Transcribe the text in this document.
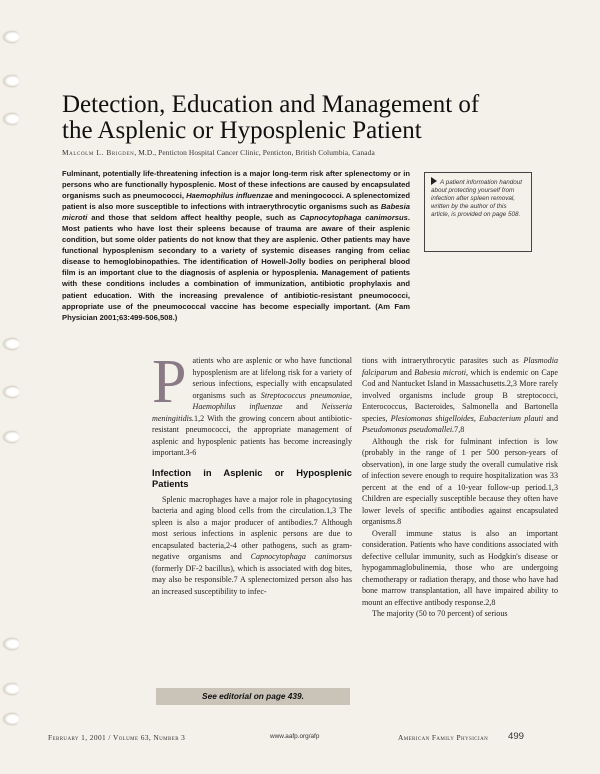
Detection, Education and Management of the Asplenic or Hyposplenic Patient
Malcolm L. Brigden, M.D., Penticton Hospital Cancer Clinic, Penticton, British Columbia, Canada

Fulminant, potentially life-threatening infection is a major long-term risk after splenectomy or in persons who are functionally hyposplenic. Most of these infections are caused by encapsulated organisms such as pneumococci, Haemophilus influenzae and meningococci. A splenectomized patient is also more susceptible to infections with intraerythrocytic organisms such as Babesia microti and those that seldom affect healthy people, such as Capnocytophaga canimorsus. Most patients who have lost their spleens because of trauma are aware of their asplenic condition, but some older patients do not know that they are asplenic. Other patients may have functional hyposplenism secondary to a variety of systemic diseases ranging from celiac disease to hemoglobinopathies. The identification of Howell-Jolly bodies on peripheral blood film is an important clue to the diagnosis of asplenia or hyposplenia. Management of patients with these conditions includes a combination of immunization, antibiotic prophylaxis and patient education. With the increasing prevalence of antibiotic-resistant pneumococci, appropriate use of the pneumococcal vaccine has become especially important. (Am Fam Physician 2001;63:499-506,508.)

A patient information handout about protecting yourself from infection after spleen removal, written by the author of this article, is provided on page 508.

Patients who are asplenic or who have functional hyposplenism are at lifelong risk for a variety of serious infections, especially with encapsulated organisms such as Streptococcus pneumoniae, Haemophilus influenzae and Neisseria meningitidis.1,2 With the growing concern about antibiotic-resistant pneumococci, the appropriate management of asplenic and hyposplenic patients has become increasingly important.3-6

Infection in Asplenic or Hyposplenic Patients

Splenic macrophages have a major role in phagocytosing bacteria and aging blood cells from the circulation.1,3 The spleen is also a major producer of antibodies.7 Although most serious infections in asplenic persons are due to encapsulated bacteria,2-4 other pathogens, such as gram-negative organisms and Capnocytophaga canimorsus (formerly DF-2 bacillus), which is associated with dog bites, may also be responsible.7 A splenectomized person also has an increased susceptibility to infec-

tions with intraerythrocytic parasites such as Plasmodia falciparum and Babesia microti, which is endemic on Cape Cod and Nantucket Island in Massachusetts.2,3 More rarely involved organisms include group B streptococci, Enterococcus, Bacteroides, Salmonella and Bartonella species, Plesiomonas shigelloides, Eubacterium plauti and Pseudomonas pseudomallei.7,8

Although the risk for fulminant infection is low (probably in the range of 1 per 500 person-years of observation), in one large study the overall cumulative risk of infection severe enough to require hospitalization was 33 percent at the end of a 10-year follow-up period.1,3 Children are especially susceptible because they often have lower levels of specific antibodies against encapsulated organisms.8

Overall immune status is also an important consideration. Patients who have conditions associated with defective cellular immunity, such as Hodgkin's disease or hypogammaglobulinemia, those who are undergoing chemotherapy or radiation therapy, and those who have had bone marrow transplantation, all have impaired ability to mount an effective antibody response.2,8

The majority (50 to 70 percent) of serious

See editorial on page 439.
February 1, 2001 / Volume 63, Number 3	www.aafp.org/afp	American Family Physician 499
